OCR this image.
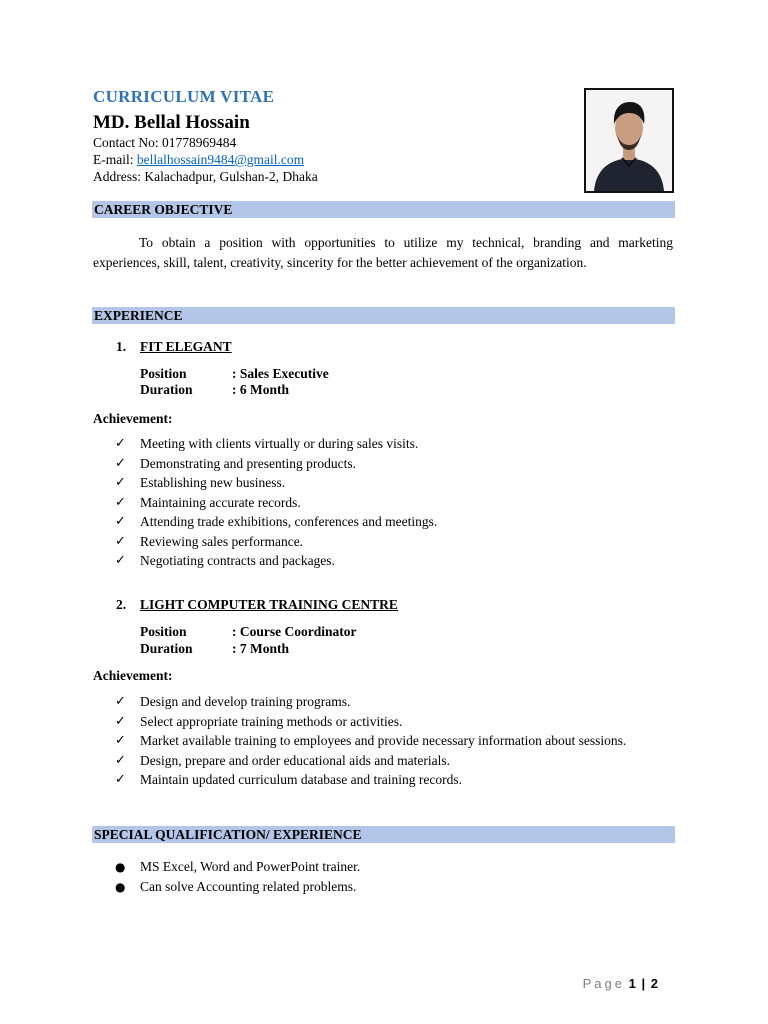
CURRICULUM VITAE
MD. Bellal Hossain
Contact No: 01778969484
E-mail: bellalhossain9484@gmail.com
Address: Kalachadpur, Gulshan-2, Dhaka
CAREER OBJECTIVE
To obtain a position with opportunities to utilize my technical, branding and marketing experiences, skill, talent, creativity, sincerity for the better achievement of the organization.
EXPERIENCE
1. FIT ELEGANT
Position	: Sales Executive
Duration	: 6 Month
Achievement:
✓ Meeting with clients virtually or during sales visits.
✓ Demonstrating and presenting products.
✓ Establishing new business.
✓ Maintaining accurate records.
✓ Attending trade exhibitions, conferences and meetings.
✓ Reviewing sales performance.
✓ Negotiating contracts and packages.
2. LIGHT COMPUTER TRAINING CENTRE
Position	: Course Coordinator
Duration	: 7 Month
Achievement:
✓ Design and develop training programs.
✓ Select appropriate training methods or activities.
✓ Market available training to employees and provide necessary information about sessions.
✓ Design, prepare and order educational aids and materials.
✓ Maintain updated curriculum database and training records.
SPECIAL QUALIFICATION/ EXPERIENCE
● MS Excel, Word and PowerPoint trainer.
● Can solve Accounting related problems.
Page 1 | 2
